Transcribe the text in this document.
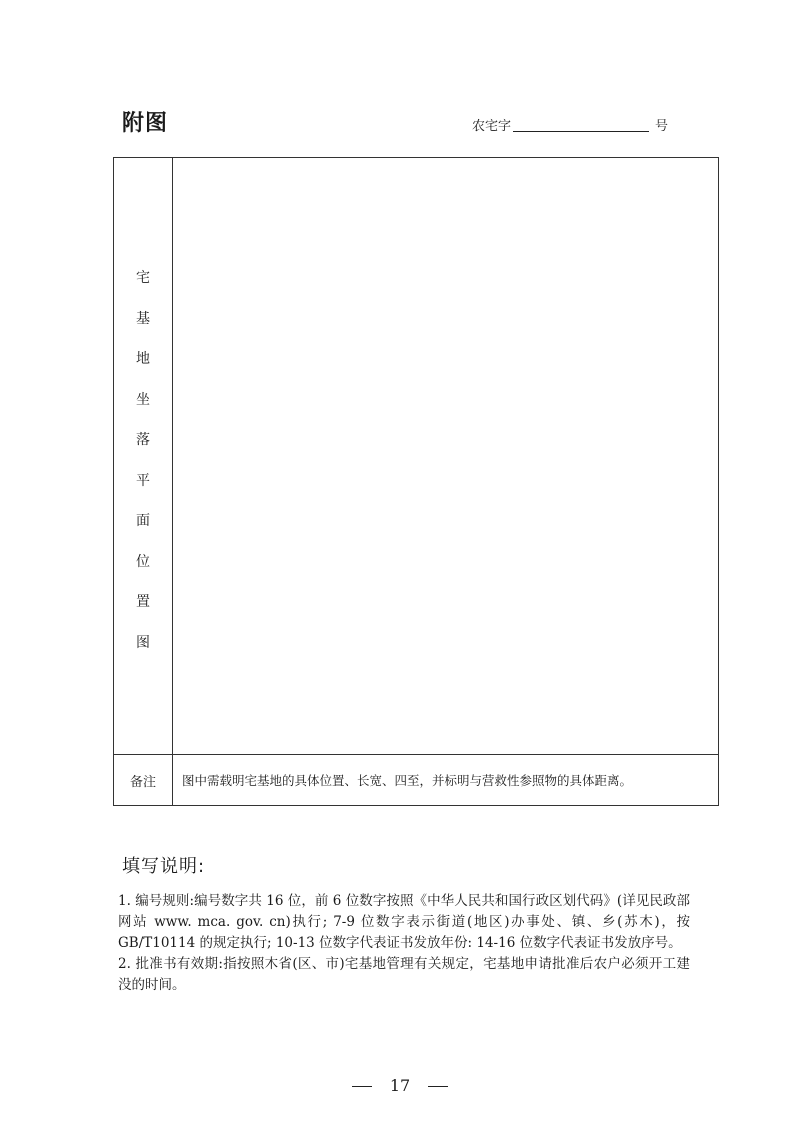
附图	农宅字	号
宅
基
地
坐
落
平
面
位
置
图
备注	图中需载明宅基地的具体位置、长宽、四至，并标明与营救性参照物的具体距离。
填写说明:

1. 编号规则:编号数字共 16 位，前 6 位数字按照《中华人民共和国行政区划代码》(详见民政部网站 www. mca. gov. cn)执行; 7-9 位数字表示街道(地区)办事处、镇、乡(苏木)，按 GB/T10114 的规定执行; 10-13 位数字代表证书发放年份: 14-16 位数字代表证书发放序号。

2. 批准书有效期:指按照木省(区、市)宅基地管理有关规定，宅基地申请批准后农户必须开工建没的时间。

17
